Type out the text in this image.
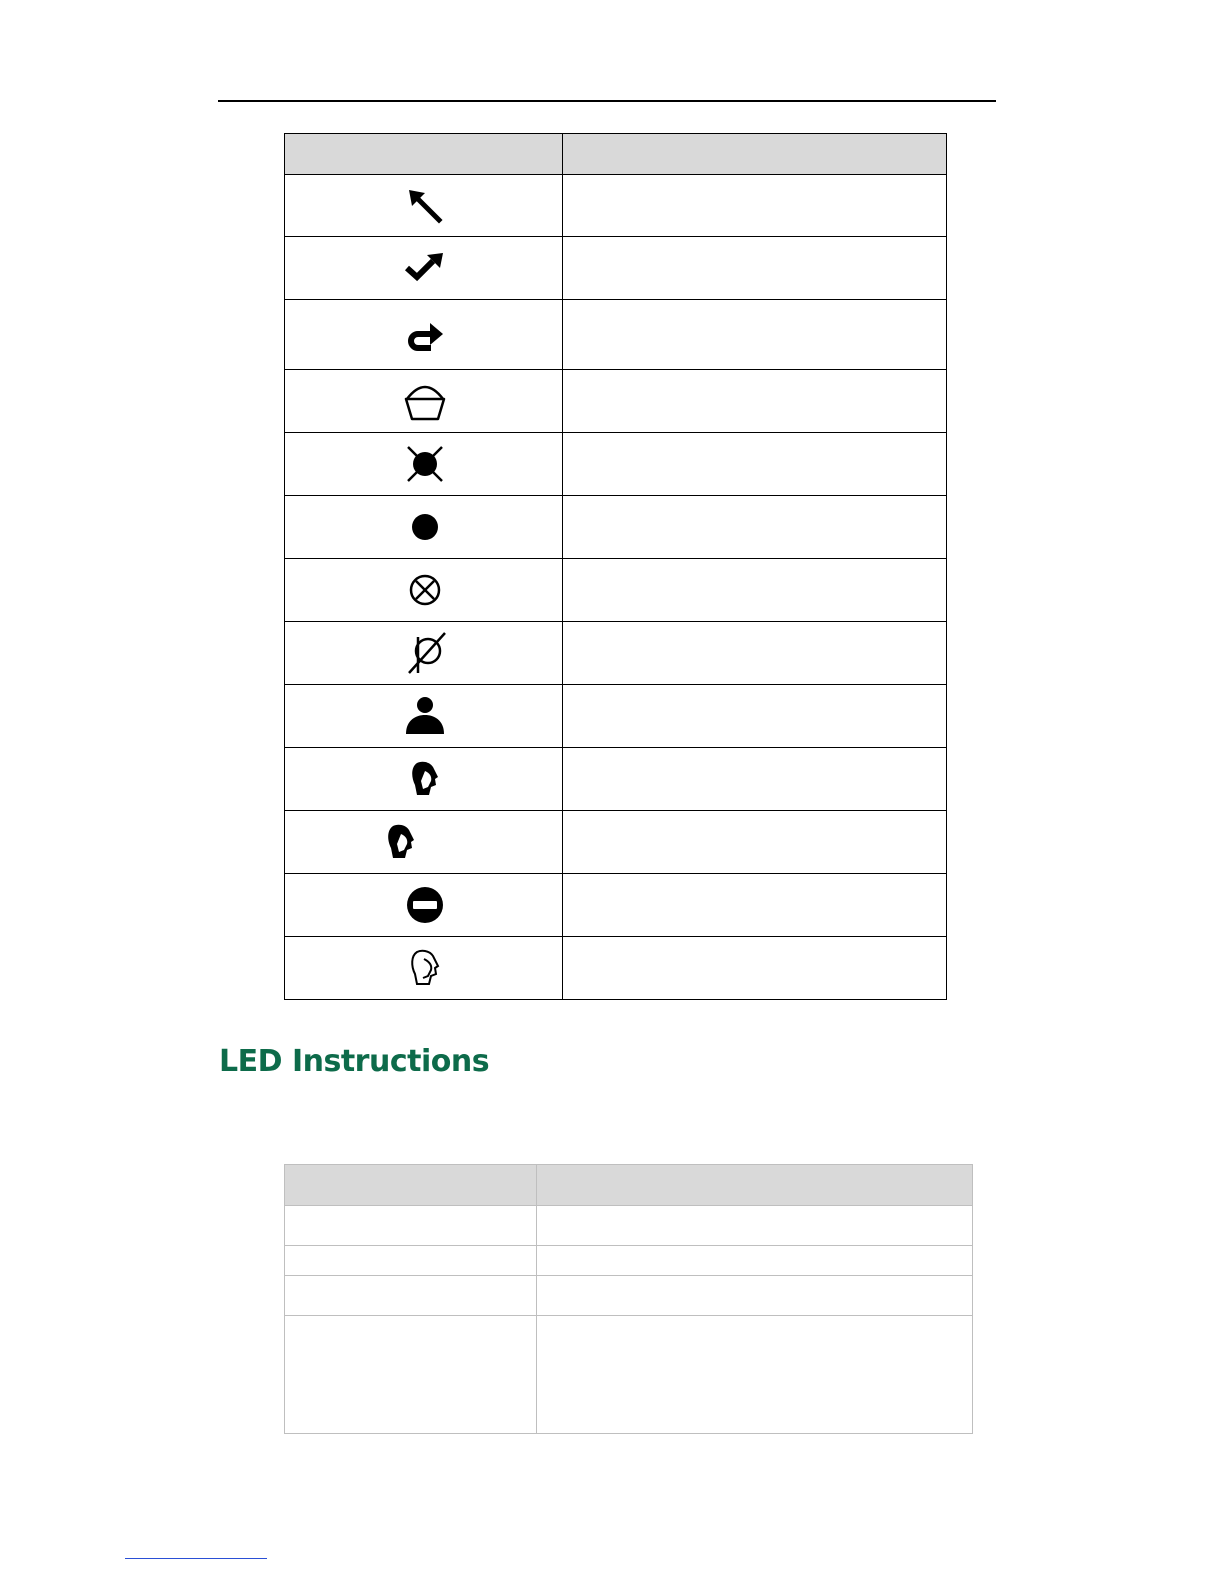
LED Instructions
